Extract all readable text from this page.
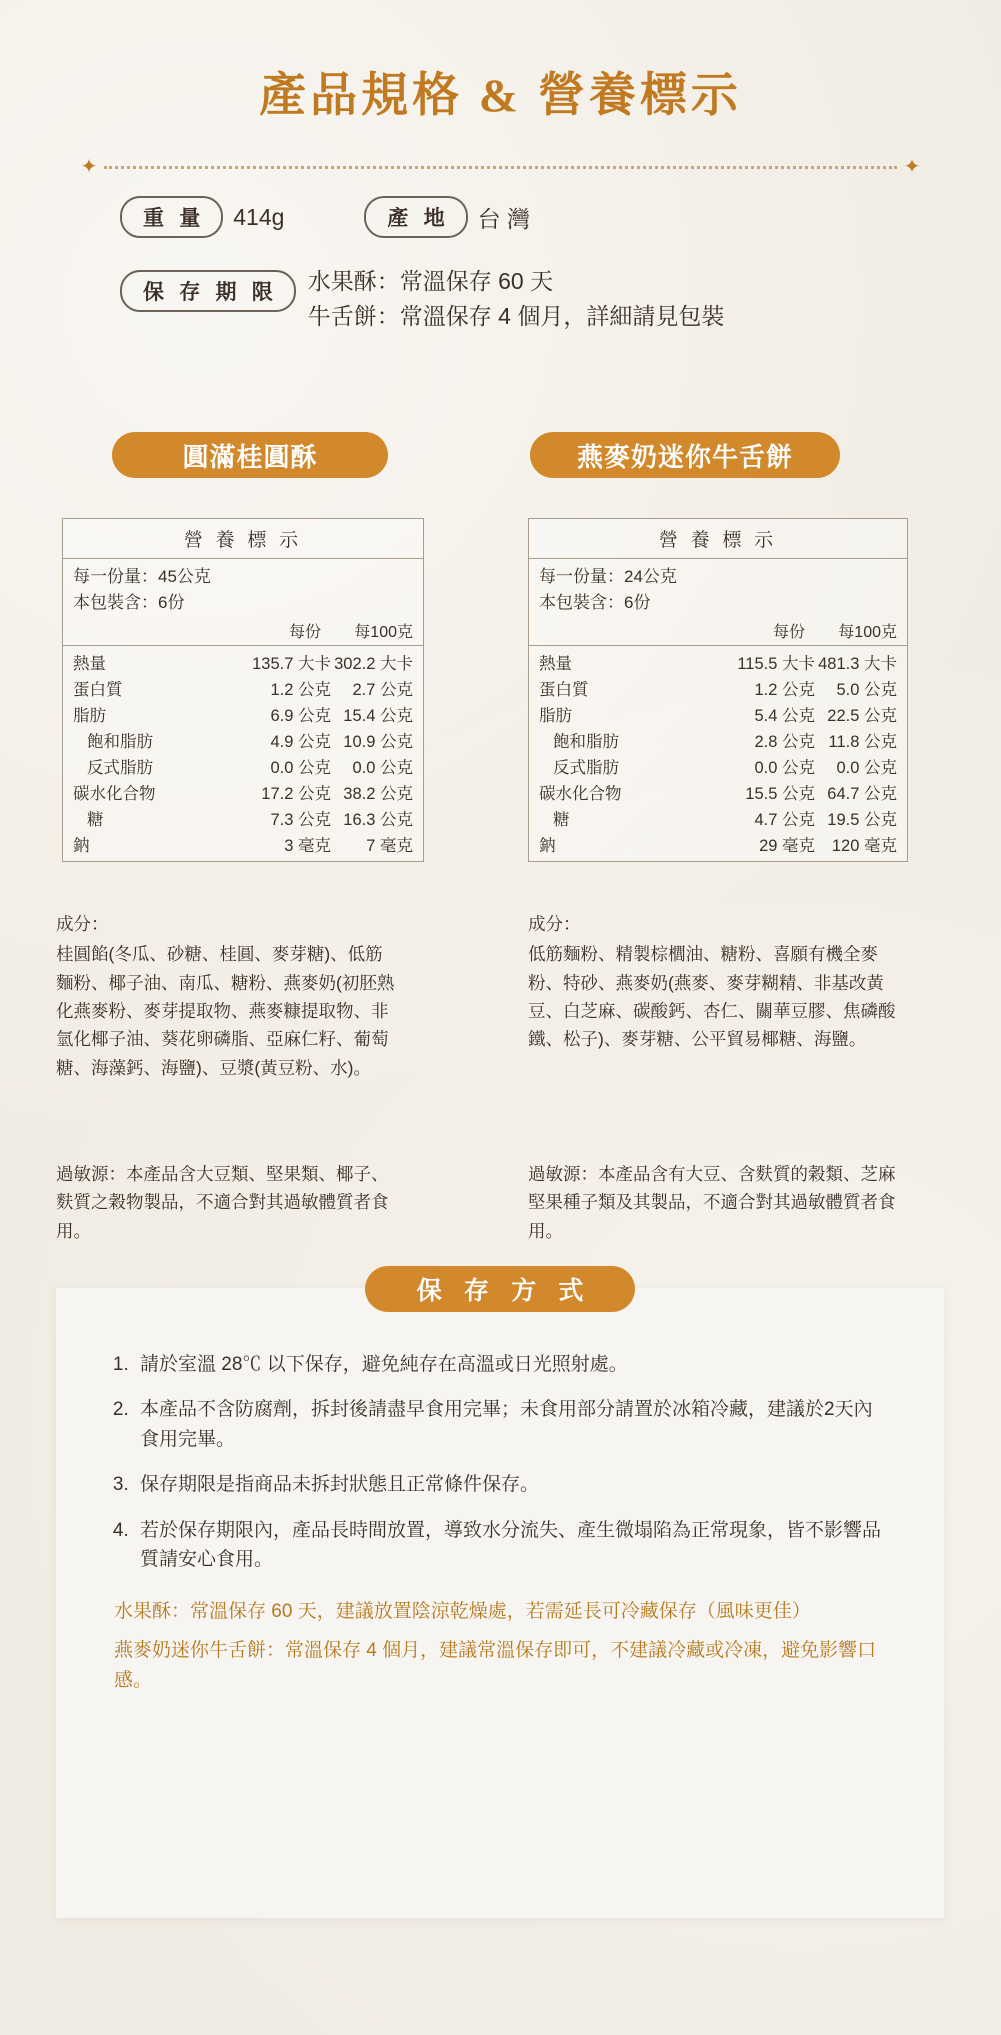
產品規格 & 營養標示
✦	✦
重 量	414g	產 地	台 灣
保 存 期 限	水果酥：常溫保存 60 天
牛舌餅：常溫保存 4 個月，詳細請見包裝
圓滿桂圓酥	燕麥奶迷你牛舌餅
營 養 標 示
每一份量：45公克
本包裝含：6份
每份	每100克
熱量	135.7 大卡 302.2 大卡
蛋白質	1.2 公克	2.7 公克
脂肪	6.9 公克 15.4 公克
飽和脂肪	4.9 公克 10.9 公克
反式脂肪	0.0 公克	0.0 公克
碳水化合物	17.2 公克 38.2 公克
糖	7.3 公克 16.3 公克
鈉	3 毫克	7 毫克
營 養 標 示
每一份量：24公克
本包裝含：6份
每份	每100克
熱量	115.5 大卡 481.3 大卡
蛋白質	1.2 公克	5.0 公克
脂肪	5.4 公克 22.5 公克
飽和脂肪	2.8 公克 11.8 公克
反式脂肪	0.0 公克	0.0 公克
碳水化合物	15.5 公克 64.7 公克
糖	4.7 公克 19.5 公克
鈉	29 毫克	120 毫克
成分：
桂圓餡(冬瓜、砂糖、桂圓、麥芽糖)、低筋麵粉、椰子油、南瓜、糖粉、燕麥奶(初胚熟化燕麥粉、麥芽提取物、燕麥糠提取物、非氫化椰子油、葵花卵磷脂、亞麻仁籽、葡萄糖、海藻鈣、海鹽)、豆漿(黃豆粉、水)。
成分：
低筋麵粉、精製棕櫚油、糖粉、喜願有機全麥粉、特砂、燕麥奶(燕麥、麥芽糊精、非基改黃豆、白芝麻、碳酸鈣、杏仁、關華豆膠、焦磷酸鐵、松子)、麥芽糖、公平貿易椰糖、海鹽。
過敏源：本產品含大豆類、堅果類、椰子、麩質之穀物製品，不適合對其過敏體質者食用。
過敏源：本產品含有大豆、含麩質的穀類、芝麻堅果種子類及其製品，不適合對其過敏體質者食用。
保 存 方 式
1. 請於室溫 28℃ 以下保存，避免純存在高溫或日光照射處。
2. 本產品不含防腐劑，拆封後請盡早食用完畢；未食用部分請置於冰箱冷藏，建議於2天內食用完畢。
3. 保存期限是指商品未拆封狀態且正常條件保存。
4. 若於保存期限內，產品長時間放置，導致水分流失、產生微塌陷為正常現象，皆不影響品質請安心食用。

水果酥：常溫保存 60 天，建議放置陰涼乾燥處，若需延長可冷藏保存（風味更佳）

燕麥奶迷你牛舌餅：常溫保存 4 個月，建議常溫保存即可，不建議冷藏或冷凍，避免影響口感。
